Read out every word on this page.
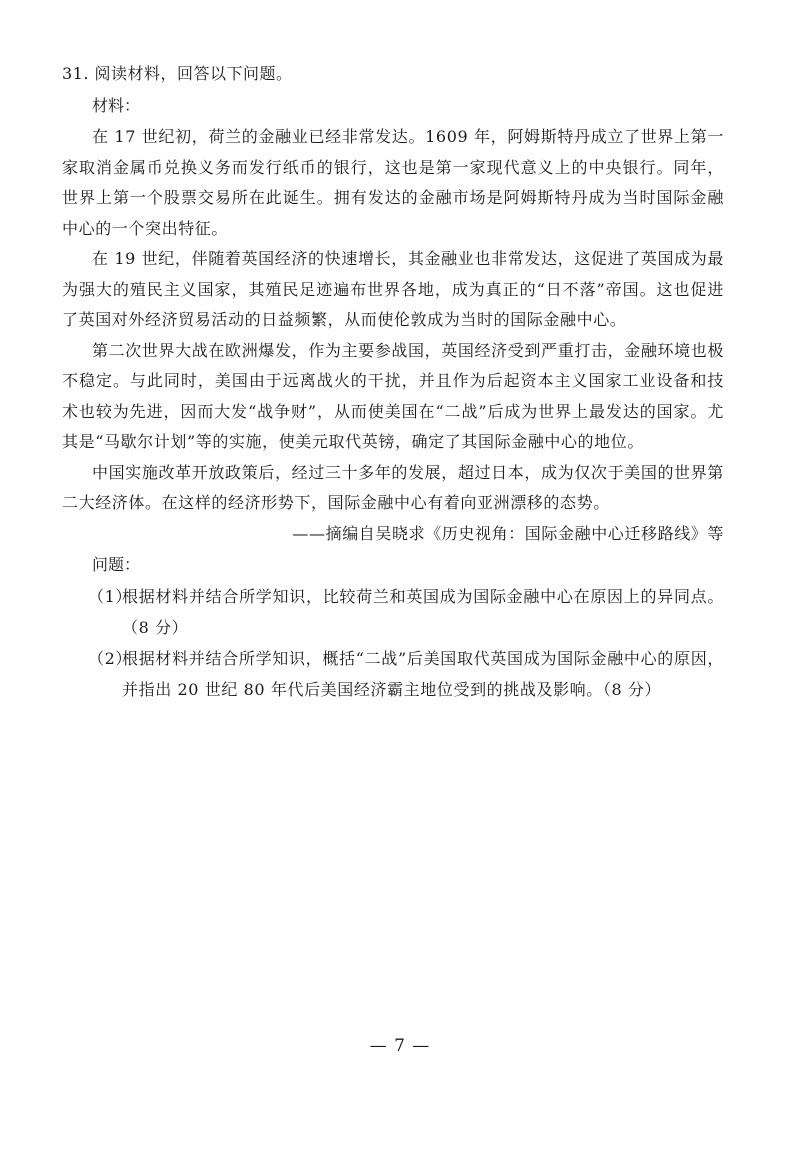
31. 阅读材料，回答以下问题。

材料：

在 17 世纪初，荷兰的金融业已经非常发达。1609 年，阿姆斯特丹成立了世界上第一家取消金属币兑换义务而发行纸币的银行，这也是第一家现代意义上的中央银行。同年，世界上第一个股票交易所在此诞生。拥有发达的金融市场是阿姆斯特丹成为当时国际金融中心的一个突出特征。

在 19 世纪，伴随着英国经济的快速增长，其金融业也非常发达，这促进了英国成为最为强大的殖民主义国家，其殖民足迹遍布世界各地，成为真正的“日不落”帝国。这也促进了英国对外经济贸易活动的日益频繁，从而使伦敦成为当时的国际金融中心。

第二次世界大战在欧洲爆发，作为主要参战国，英国经济受到严重打击，金融环境也极不稳定。与此同时，美国由于远离战火的干扰，并且作为后起资本主义国家工业设备和技术也较为先进，因而大发“战争财”，从而使美国在“二战”后成为世界上最发达的国家。尤其是“马歇尔计划”等的实施，使美元取代英镑，确定了其国际金融中心的地位。

中国实施改革开放政策后，经过三十多年的发展，超过日本，成为仅次于美国的世界第二大经济体。在这样的经济形势下，国际金融中心有着向亚洲漂移的态势。

——摘编自吴晓求《历史视角：国际金融中心迁移路线》等

问题：

（1）
根据材料并结合所学知识，比较荷兰和英国成为国际金融中心在原因上的异同点。（8 分）
（2）
根据材料并结合所学知识，概括“二战”后美国取代英国成为国际金融中心的原因，并指出 20 世纪 80 年代后美国经济霸主地位受到的挑战及影响。（8 分）
— 7 —
